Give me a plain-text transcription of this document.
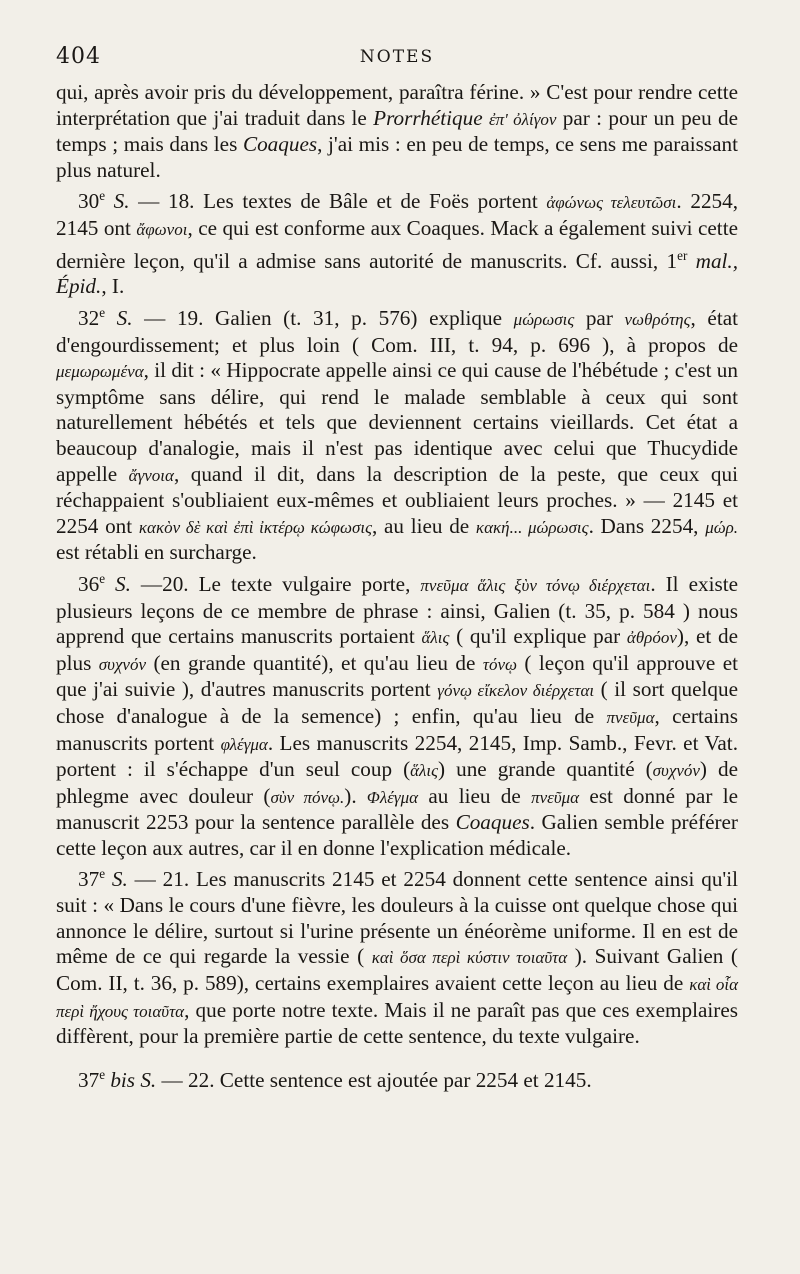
404	NOTES

qui, après avoir pris du développement, paraîtra férine. » C'est pour rendre cette interprétation que j'ai traduit dans le Prorrhétique ἐπ' ὀλίγον par : pour un peu de temps ; mais dans les Coaques, j'ai mis : en peu de temps, ce sens me paraissant plus naturel.

30e S. — 18. Les textes de Bâle et de Foës portent ἀφώνως τελευτῶσι. 2254, 2145 ont ἄφωνοι, ce qui est conforme aux Coaques. Mack a également suivi cette dernière leçon, qu'il a admise sans autorité de manuscrits. Cf. aussi, 1er mal., Épid., I.

32e S. — 19. Galien (t. 31, p. 576) explique μώρωσις par νωθρότης, état d'engourdissement; et plus loin ( Com. III, t. 94, p. 696 ), à propos de μεμωρωμένα, il dit : « Hippocrate appelle ainsi ce qui cause de l'hébétude ; c'est un symptôme sans délire, qui rend le malade semblable à ceux qui sont naturellement hébétés et tels que deviennent certains vieillards. Cet état a beaucoup d'analogie, mais il n'est pas identique avec celui que Thucydide appelle ἄγνοια, quand il dit, dans la description de la peste, que ceux qui réchappaient s'oubliaient eux-mêmes et oubliaient leurs proches. » — 2145 et 2254 ont κακὸν δὲ καὶ ἐπὶ ἰκτέρῳ κώφωσις, au lieu de κακή... μώρωσις. Dans 2254, μώρ. est rétabli en surcharge.

36e S. —20. Le texte vulgaire porte, πνεῦμα ἅλις ξὺν τόνῳ διέρχεται. Il existe plusieurs leçons de ce membre de phrase : ainsi, Galien (t. 35, p. 584 ) nous apprend que certains manuscrits portaient ἅλις ( qu'il explique par ἀθρόον), et de plus συχνόν (en grande quantité), et qu'au lieu de τόνῳ ( leçon qu'il approuve et que j'ai suivie ), d'autres manuscrits portent γόνῳ εἴκελον διέρχεται ( il sort quelque chose d'analogue à de la semence) ; enfin, qu'au lieu de πνεῦμα, certains manuscrits portent φλέγμα. Les manuscrits 2254, 2145, Imp. Samb., Fevr. et Vat. portent : il s'échappe d'un seul coup (ἅλις) une grande quantité (συχνόν) de phlegme avec douleur (σὺν πόνῳ.). Φλέγμα au lieu de πνεῦμα est donné par le manuscrit 2253 pour la sentence parallèle des Coaques. Galien semble préférer cette leçon aux autres, car il en donne l'explication médicale.

37e S. — 21. Les manuscrits 2145 et 2254 donnent cette sentence ainsi qu'il suit : « Dans le cours d'une fièvre, les douleurs à la cuisse ont quelque chose qui annonce le délire, surtout si l'urine présente un énéorème uniforme. Il en est de même de ce qui regarde la vessie ( καὶ ὅσα περὶ κύστιν τοιαῦτα ). Suivant Galien ( Com. II, t. 36, p. 589), certains exemplaires avaient cette leçon au lieu de καὶ οἷα περὶ ἤχους τοιαῦτα, que porte notre texte. Mais il ne paraît pas que ces exemplaires diffèrent, pour la première partie de cette sentence, du texte vulgaire.

37e bis S. — 22. Cette sentence est ajoutée par 2254 et 2145.
